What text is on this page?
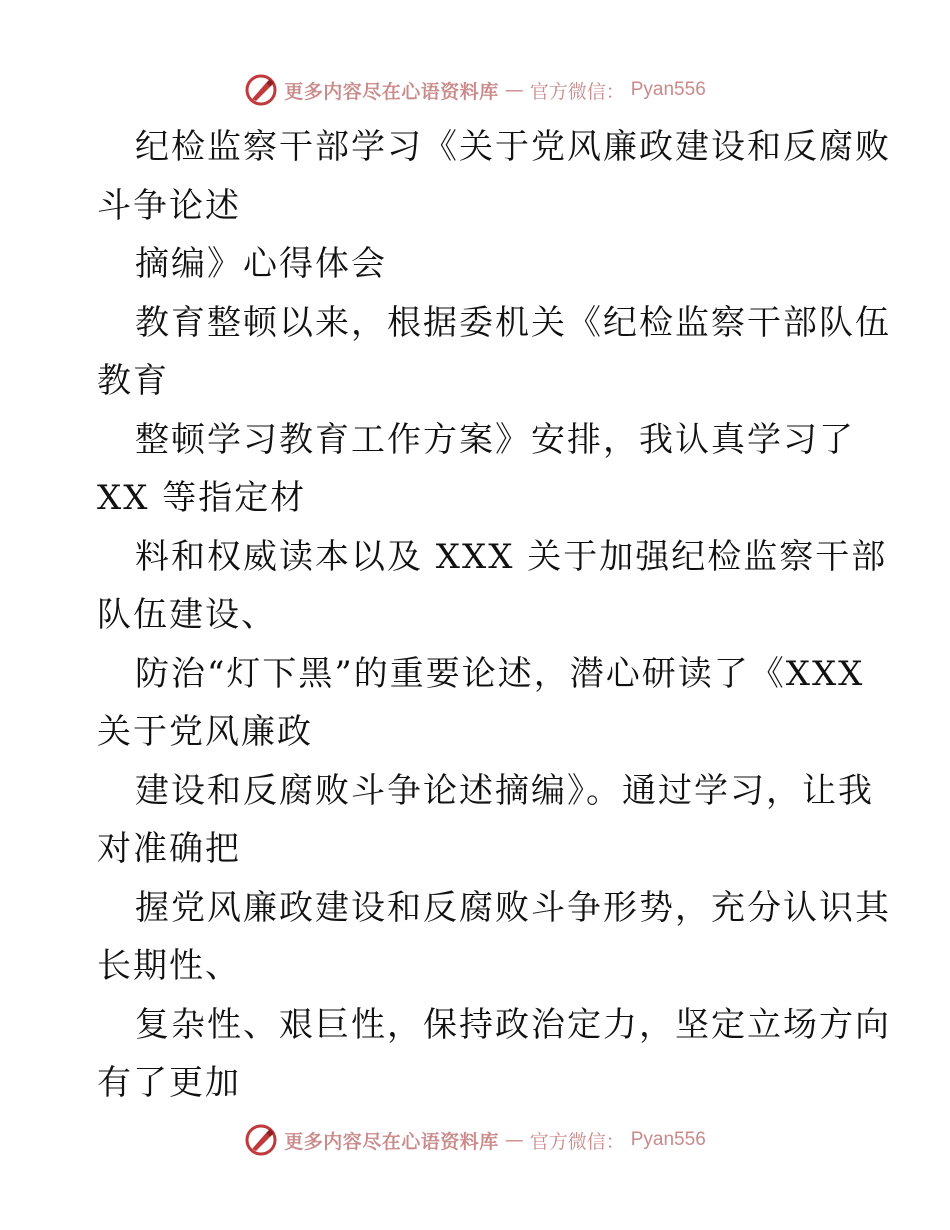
更多内容尽在心语资料库 — 官方微信： Pyan556
纪检监察干部学习《关于党风廉政建设和反腐败
斗争论述
摘编》心得体会
教育整顿以来，根据委机关《纪检监察干部队伍
教育
整顿学习教育工作方案》安排，我认真学习了
XX 等指定材
料和权威读本以及 XXX 关于加强纪检监察干部
队伍建设、
防治“灯下黑”的重要论述，潜心研读了《XXX
关于党风廉政
建设和反腐败斗争论述摘编》。通过学习，让我
对准确把
握党风廉政建设和反腐败斗争形势，充分认识其
长期性、
复杂性、艰巨性，保持政治定力，坚定立场方向
有了更加
更多内容尽在心语资料库 — 官方微信： Pyan556
